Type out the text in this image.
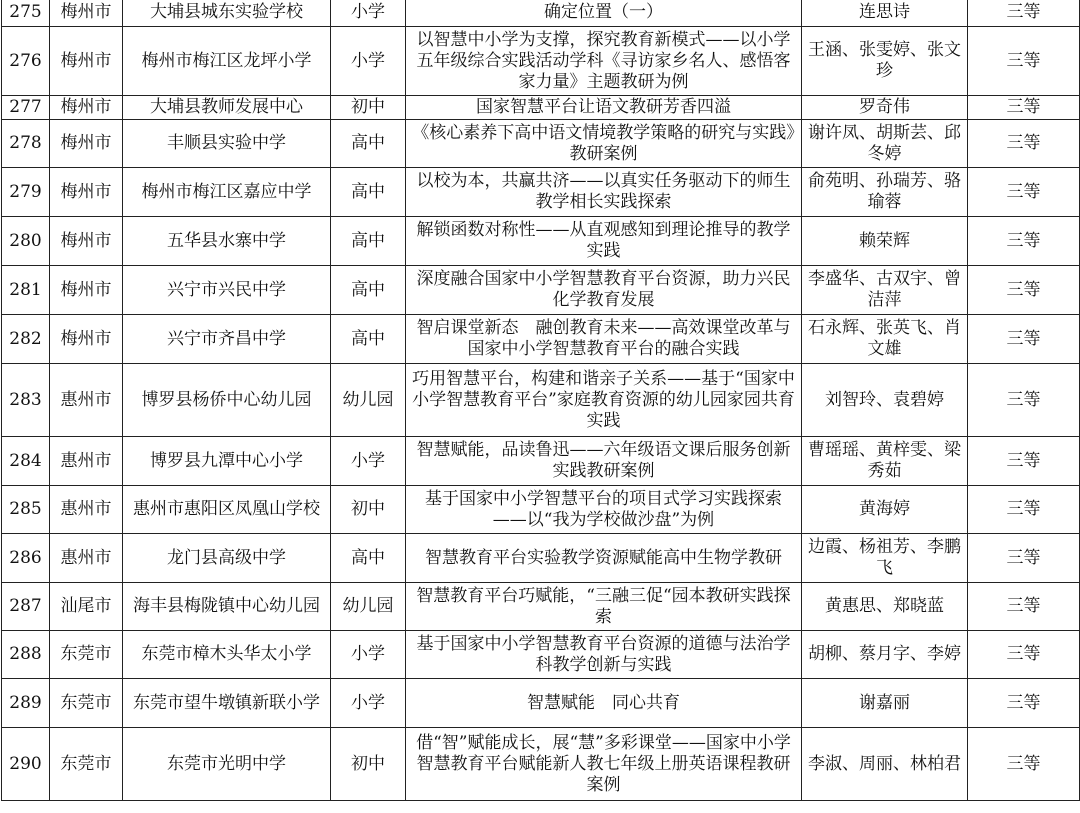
275	梅州市	大埔县城东实验学校	小学	确定位置（一）	连思诗	三等
276	梅州市	梅州市梅江区龙坪小学	小学	以智慧中小学为支撑，探究教育新模式——以小学五年级综合实践活动学科《寻访家乡名人、感悟客家力量》主题教研为例	王涵、张雯婷、张文珍	三等
277	梅州市	大埔县教师发展中心	初中	国家智慧平台让语文教研芳香四溢	罗奇伟	三等
278	梅州市	丰顺县实验中学	高中	《核心素养下高中语文情境教学策略的研究与实践》教研案例	谢许凤、胡斯芸、邱冬婷	三等
279	梅州市	梅州市梅江区嘉应中学	高中	以校为本，共赢共济——以真实任务驱动下的师生教学相长实践探索	俞苑明、孙瑞芳、骆瑜蓉	三等
280	梅州市	五华县水寨中学	高中	解锁函数对称性——从直观感知到理论推导的教学实践	赖荣辉	三等
281	梅州市	兴宁市兴民中学	高中	深度融合国家中小学智慧教育平台资源，助力兴民化学教育发展	李盛华、古双宇、曾洁萍	三等
282	梅州市	兴宁市齐昌中学	高中	智启课堂新态　融创教育未来——高效课堂改革与国家中小学智慧教育平台的融合实践	石永辉、张英飞、肖文雄	三等
283	惠州市	博罗县杨侨中心幼儿园	幼儿园	巧用智慧平台，构建和谐亲子关系——基于“国家中小学智慧教育平台”家庭教育资源的幼儿园家园共育实践	刘智玲、袁碧婷	三等
284	惠州市	博罗县九潭中心小学	小学	智慧赋能，品读鲁迅——六年级语文课后服务创新实践教研案例	曹瑶瑶、黄梓雯、梁秀茹	三等
285	惠州市	惠州市惠阳区凤凰山学校	初中	基于国家中小学智慧平台的项目式学习实践探索——以“我为学校做沙盘”为例	黄海婷	三等
286	惠州市	龙门县高级中学	高中	智慧教育平台实验教学资源赋能高中生物学教研	边霞、杨祖芳、李鹏飞	三等
287	汕尾市	海丰县梅陇镇中心幼儿园	幼儿园	智慧教育平台巧赋能，“三融三促“园本教研实践探索	黄惠思、郑晓蓝	三等
288	东莞市	东莞市樟木头华太小学	小学	基于国家中小学智慧教育平台资源的道德与法治学科教学创新与实践	胡柳、蔡月字、李婷	三等
289	东莞市	东莞市望牛墩镇新联小学	小学	智慧赋能　同心共育	谢嘉丽	三等
290	东莞市	东莞市光明中学	初中	借“智”赋能成长，展“慧”多彩课堂——国家中小学智慧教育平台赋能新人教七年级上册英语课程教研案例	李淑、周丽、林柏君	三等
